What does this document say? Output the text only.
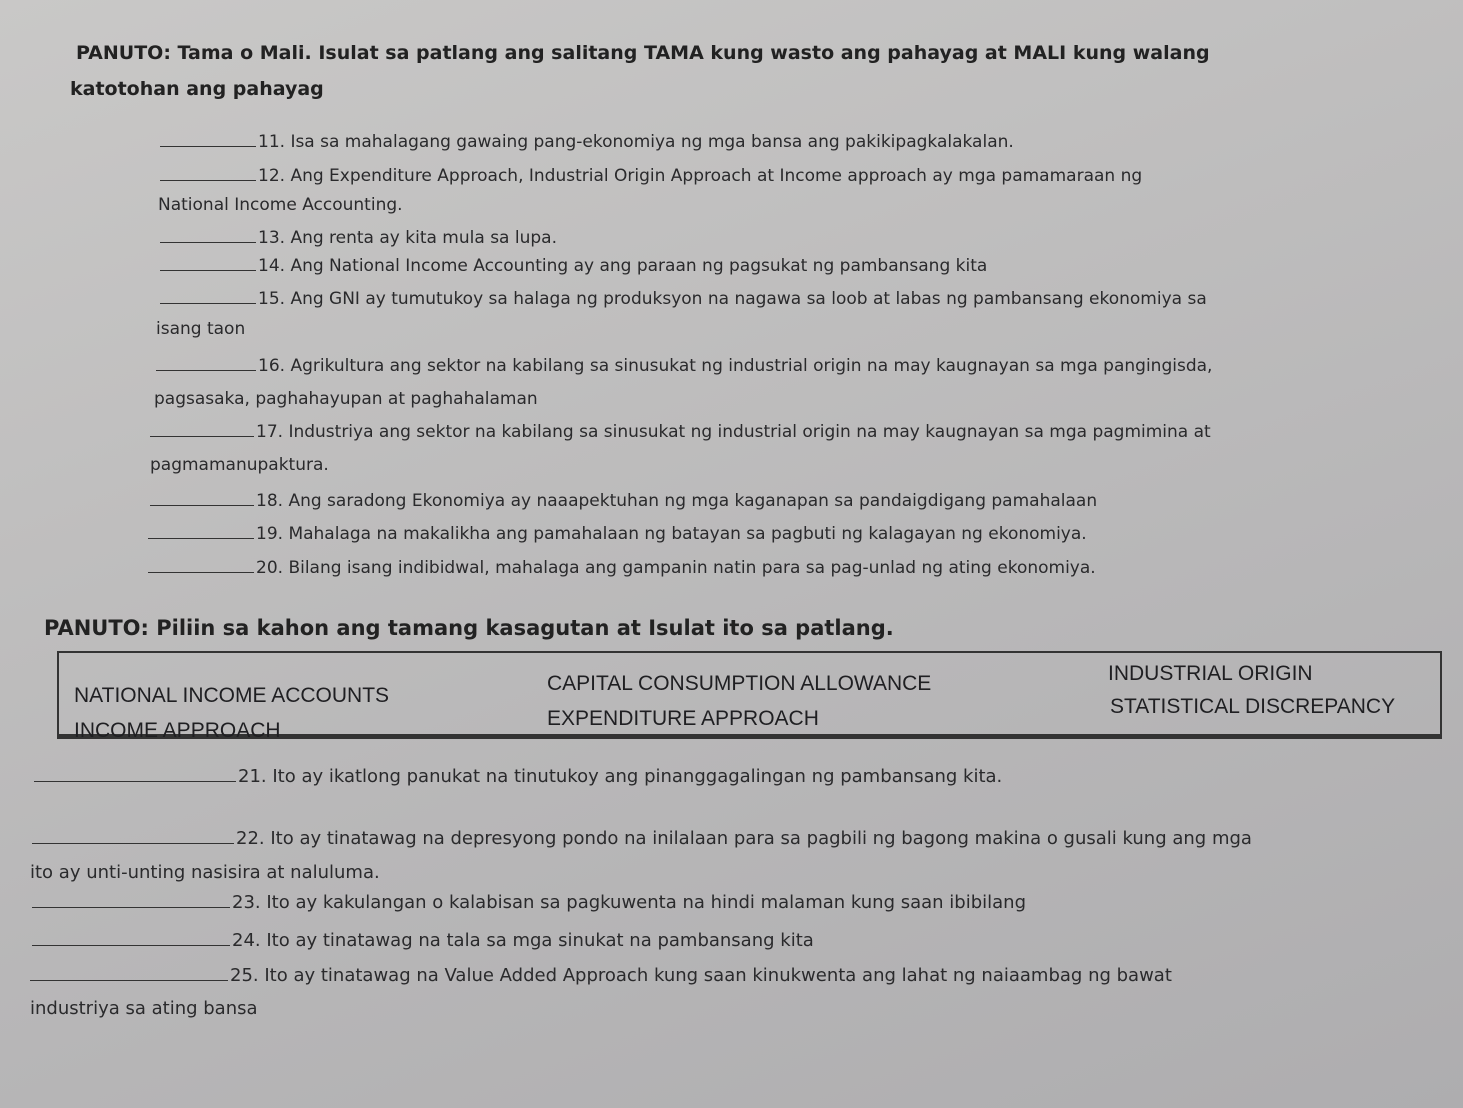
PANUTO: Tama o Mali. Isulat sa patlang ang salitang TAMA kung wasto ang pahayag at MALI kung walang
katotohan ang pahayag
11. Isa sa mahalagang gawaing pang-ekonomiya ng mga bansa ang pakikipagkalakalan.
12. Ang Expenditure Approach, Industrial Origin Approach at Income approach ay mga pamamaraan ng
National Income Accounting.
13. Ang renta ay kita mula sa lupa.
14. Ang National Income Accounting ay ang paraan ng pagsukat ng pambansang kita
15. Ang GNI ay tumutukoy sa halaga ng produksyon na nagawa sa loob at labas ng pambansang ekonomiya sa
isang taon
16. Agrikultura ang sektor na kabilang sa sinusukat ng industrial origin na may kaugnayan sa mga pangingisda,
pagsasaka, paghahayupan at paghahalaman
17. Industriya ang sektor na kabilang sa sinusukat ng industrial origin na may kaugnayan sa mga pagmimina at
pagmamanupaktura.
18. Ang saradong Ekonomiya ay naaapektuhan ng mga kaganapan sa pandaigdigang pamahalaan
19. Mahalaga na makalikha ang pamahalaan ng batayan sa pagbuti ng kalagayan ng ekonomiya.
20. Bilang isang indibidwal, mahalaga ang gampanin natin para sa pag-unlad ng ating ekonomiya.
PANUTO: Piliin sa kahon ang tamang kasagutan at Isulat ito sa patlang.
NATIONAL INCOME ACCOUNTS
CAPITAL CONSUMPTION ALLOWANCE	INDUSTRIAL ORIGIN
INCOME APPROACH
EXPENDITURE APPROACH
STATISTICAL DISCREPANCY
21. Ito ay ikatlong panukat na tinutukoy ang pinanggagalingan ng pambansang kita.
22. Ito ay tinatawag na depresyong pondo na inilalaan para sa pagbili ng bagong makina o gusali kung ang mga
ito ay unti-unting nasisira at naluluma.
23. Ito ay kakulangan o kalabisan sa pagkuwenta na hindi malaman kung saan ibibilang
24. Ito ay tinatawag na tala sa mga sinukat na pambansang kita
25. Ito ay tinatawag na Value Added Approach kung saan kinukwenta ang lahat ng naiaambag ng bawat
industriya sa ating bansa
